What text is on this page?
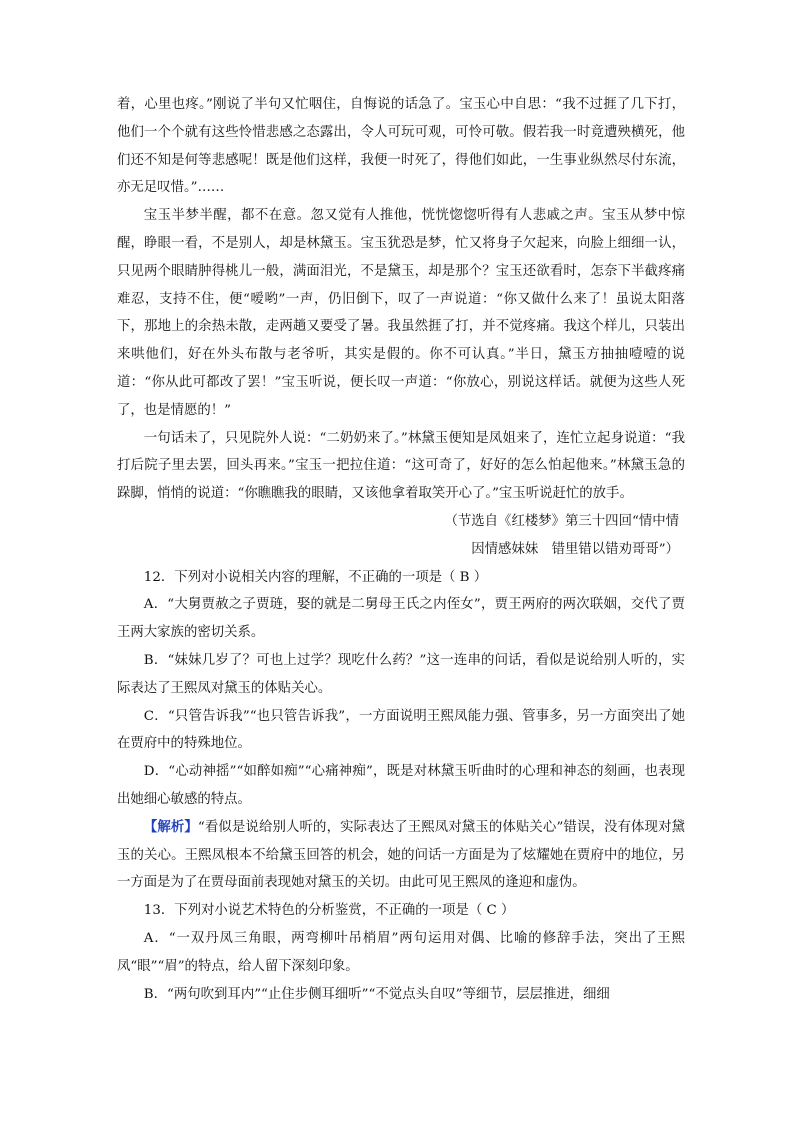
着，心里也疼。”刚说了半句又忙咽住，自悔说的话急了。宝玉心中自思：“我不过捱了几下打，他们一个个就有这些怜惜悲感之态露出，令人可玩可观，可怜可敬。假若我一时竟遭殃横死，他们还不知是何等悲感呢！既是他们这样，我便一时死了，得他们如此，一生事业纵然尽付东流，亦无足叹惜。”……

宝玉半梦半醒，都不在意。忽又觉有人推他，恍恍惚惚听得有人悲戚之声。宝玉从梦中惊醒，睁眼一看，不是别人，却是林黛玉。宝玉犹恐是梦，忙又将身子欠起来，向脸上细细一认，只见两个眼睛肿得桃儿一般，满面泪光，不是黛玉，却是那个？宝玉还欲看时，怎奈下半截疼痛难忍，支持不住，便“嗳哟”一声，仍旧倒下，叹了一声说道：“你又做什么来了！虽说太阳落下，那地上的余热未散，走两趟又要受了暑。我虽然捱了打，并不觉疼痛。我这个样儿，只装出来哄他们，好在外头布散与老爷听，其实是假的。你不可认真。”半日，黛玉方抽抽噎噎的说道：“你从此可都改了罢！”宝玉听说，便长叹一声道：“你放心，别说这样话。就便为这些人死了，也是情愿的！”

一句话未了，只见院外人说：“二奶奶来了。”林黛玉便知是凤姐来了，连忙立起身说道：“我打后院子里去罢，回头再来。”宝玉一把拉住道：“这可奇了，好好的怎么怕起他来。”林黛玉急的跺脚，悄悄的说道：“你瞧瞧我的眼睛，又该他拿着取笑开心了。”宝玉听说赶忙的放手。

（节选自《红楼梦》第三十四回“情中情

因情感妹妹　错里错以错劝哥哥”）

12．下列对小说相关内容的理解，不正确的一项是（ B ）

A．“大舅贾赦之子贾琏，娶的就是二舅母王氏之内侄女”，贾王两府的两次联姻，交代了贾王两大家族的密切关系。

B．“妹妹几岁了？可也上过学？现吃什么药？”这一连串的问话，看似是说给别人听的，实际表达了王熙凤对黛玉的体贴关心。

C．“只管告诉我”“也只管告诉我”，一方面说明王熙凤能力强、管事多，另一方面突出了她在贾府中的特殊地位。

D．“心动神摇”“如醉如痴”“心痛神痴”，既是对林黛玉听曲时的心理和神态的刻画，也表现出她细心敏感的特点。

【解析】“看似是说给别人听的，实际表达了王熙凤对黛玉的体贴关心”错误，没有体现对黛玉的关心。王熙凤根本不给黛玉回答的机会，她的问话一方面是为了炫耀她在贾府中的地位，另一方面是为了在贾母面前表现她对黛玉的关切。由此可见王熙凤的逢迎和虚伪。

13．下列对小说艺术特色的分析鉴赏，不正确的一项是（ C ）

A．“一双丹凤三角眼，两弯柳叶吊梢眉”两句运用对偶、比喻的修辞手法，突出了王熙凤“眼”“眉”的特点，给人留下深刻印象。

B．“两句吹到耳内”“止住步侧耳细听”“不觉点头自叹”等细节，层层推进，细细
